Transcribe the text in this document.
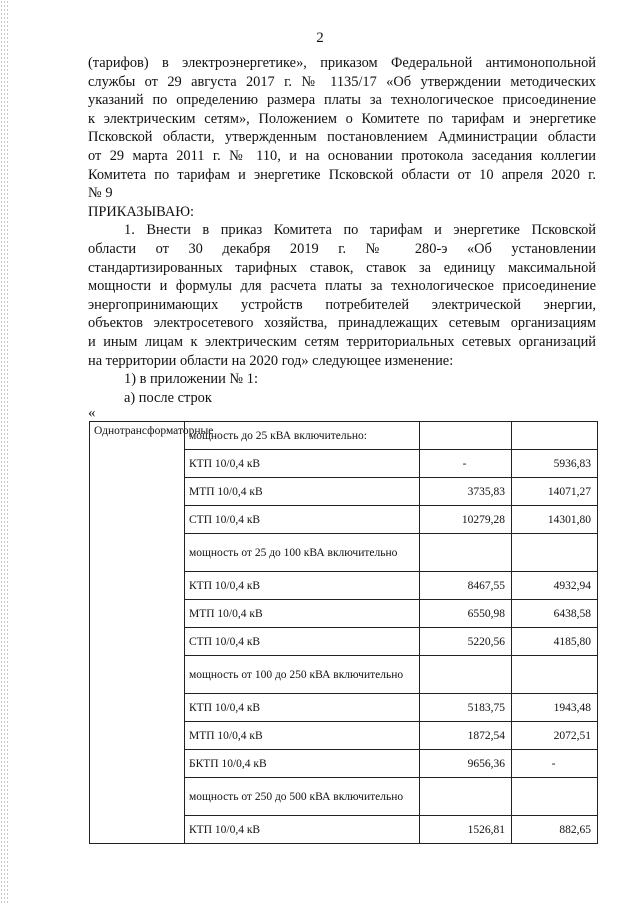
2
(тарифов) в электроэнергетике», приказом Федеральной антимонопольной
службы от 29 августа 2017 г. № 1135/17 «Об утверждении методических
указаний по определению размера платы за технологическое присоединение
к электрическим сетям», Положением о Комитете по тарифам и энергетике
Псковской области, утвержденным постановлением Администрации области
от 29 марта 2011 г. № 110, и на основании протокола заседания коллегии
Комитета по тарифам и энергетике Псковской области от 10 апреля 2020 г.
№ 9
ПРИКАЗЫВАЮ:
1. Внести в приказ Комитета по тарифам и энергетике Псковской
области от 30 декабря 2019 г. № 280-э «Об установлении
стандартизированных тарифных ставок, ставок за единицу максимальной
мощности и формулы для расчета платы за технологическое присоединение
энергопринимающих устройств потребителей электрической энергии,
объектов электросетевого хозяйства, принадлежащих сетевым организациям
и иным лицам к электрическим сетям территориальных сетевых организаций
на территории области на 2020 год» следующее изменение:
1) в приложении № 1:
а) после строк
«
Однотрансформаторные	мощность до 25 кВА включительно:		
	КТП 10/0,4 кВ	-	5936,83
	МТП 10/0,4 кВ	3735,83	14071,27
	СТП 10/0,4 кВ	10279,28	14301,80
	мощность от 25 до 100 кВА включительно		
	КТП 10/0,4 кВ	8467,55	4932,94
	МТП 10/0,4 кВ	6550,98	6438,58
	СТП 10/0,4 кВ	5220,56	4185,80
	мощность от 100 до 250 кВА включительно		
	КТП 10/0,4 кВ	5183,75	1943,48
	МТП 10/0,4 кВ	1872,54	2072,51
	БКТП 10/0,4 кВ	9656,36	-
	мощность от 250 до 500 кВА включительно		
	КТП 10/0,4 кВ	1526,81	882,65
